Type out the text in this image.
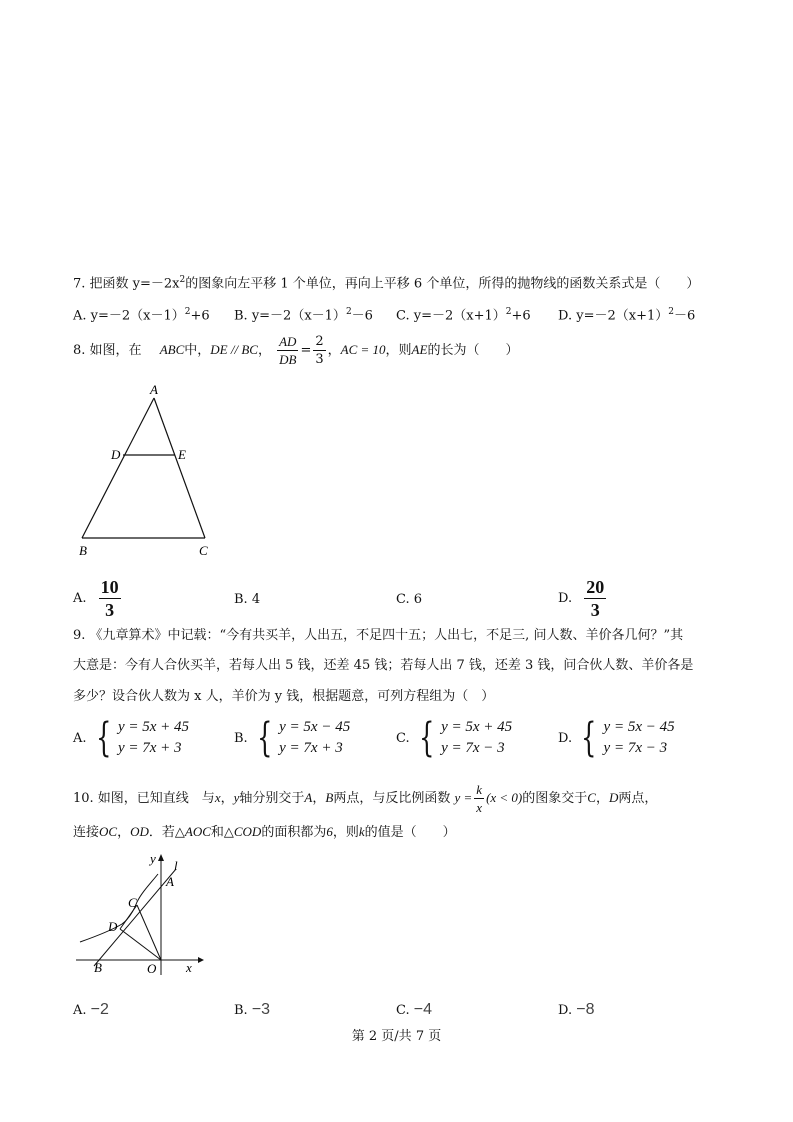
7. 把函数 $y=-2x^2$的图象向左平移 1 个单位，再向上平移 6 个单位，所得的抛物线的函数关系式是（　　）
A. $y=-2(x-1)^2+6$ B. $y=-2(x-1)^2-6$ C. $y=-2(x+1)^2+6$ D. $y=-2(x+1)^2-6$
8. 如图，在 ABC中，DE // BC， $\frac{AD}{DB} = \frac{2}{3}$ ，AC = 10，则AE的长为（　　）
A
D	E
B	C
A. $\frac{10}{3}$	B. 4	C. 6	D. $\frac{20}{3}$
9. 《九章算术》中记载：“今有共买羊，人出五，不足四十五；人出七，不足三, 问人数、羊价各几何？”其
大意是：今有人合伙买羊，若每人出 5 钱，还差 45 钱；若每人出 7 钱，还差 3 钱，问合伙人数、羊价各是
多少？设合伙人数为 x 人，羊价为 y 钱，根据题意，可列方程组为（　）
A. { y = 5x + 45
y = 7x + 3
B. { y = 5x − 45
y = 7x + 3
C. { y = 5x + 45
y = 7x − 3
D. { y = 5x − 45
y = 7x − 3
10. 如图，已知直线　与x，y轴分别交于A，B两点，与反比例函数 $y = \frac{k}{x} (x < 0)$的图象交于C，D两点，
连接OC，OD．若△AOC和△COD的面积都为6，则k的值是（　　）
y l
A
C
D
B	O x
A. −2	B. −3	C. −4	D. −8
第 2 页/共 7 页
